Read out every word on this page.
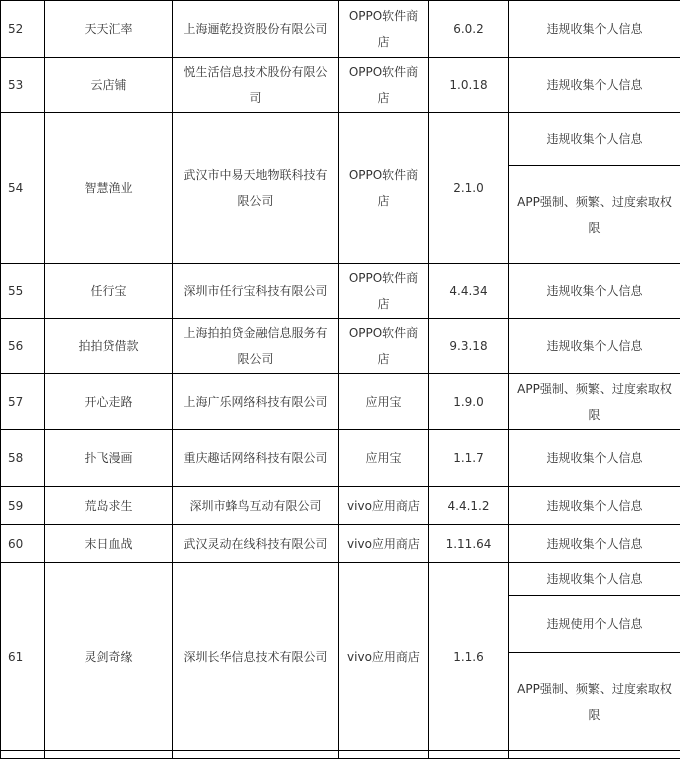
52	天天汇率	上海逦乾投资股份有限公司	OPPO软件商店	6.0.2	违规收集个人信息
53	云店铺	悦生活信息技术股份有限公司	OPPO软件商店	1.0.18	违规收集个人信息
54	智慧渔业	武汉市中易天地物联科技有限公司	OPPO软件商店	2.1.0	违规收集个人信息
					APP强制、频繁、过度索取权限
55	任行宝	深圳市任行宝科技有限公司	OPPO软件商店	4.4.34	违规收集个人信息
56	拍拍贷借款	上海拍拍贷金融信息服务有限公司	OPPO软件商店	9.3.18	违规收集个人信息
57	开心走路	上海广乐网络科技有限公司	应用宝	1.9.0	APP强制、频繁、过度索取权限
58	扑飞漫画	重庆趣话网络科技有限公司	应用宝	1.1.7	违规收集个人信息
59	荒岛求生	深圳市蜂鸟互动有限公司	vivo应用商店	4.4.1.2	违规收集个人信息
60	末日血战	武汉灵动在线科技有限公司	vivo应用商店	1.11.64	违规收集个人信息
61	灵剑奇缘	深圳长华信息技术有限公司	vivo应用商店	1.1.6	违规收集个人信息
					违规使用个人信息
					APP强制、频繁、过度索取权限
